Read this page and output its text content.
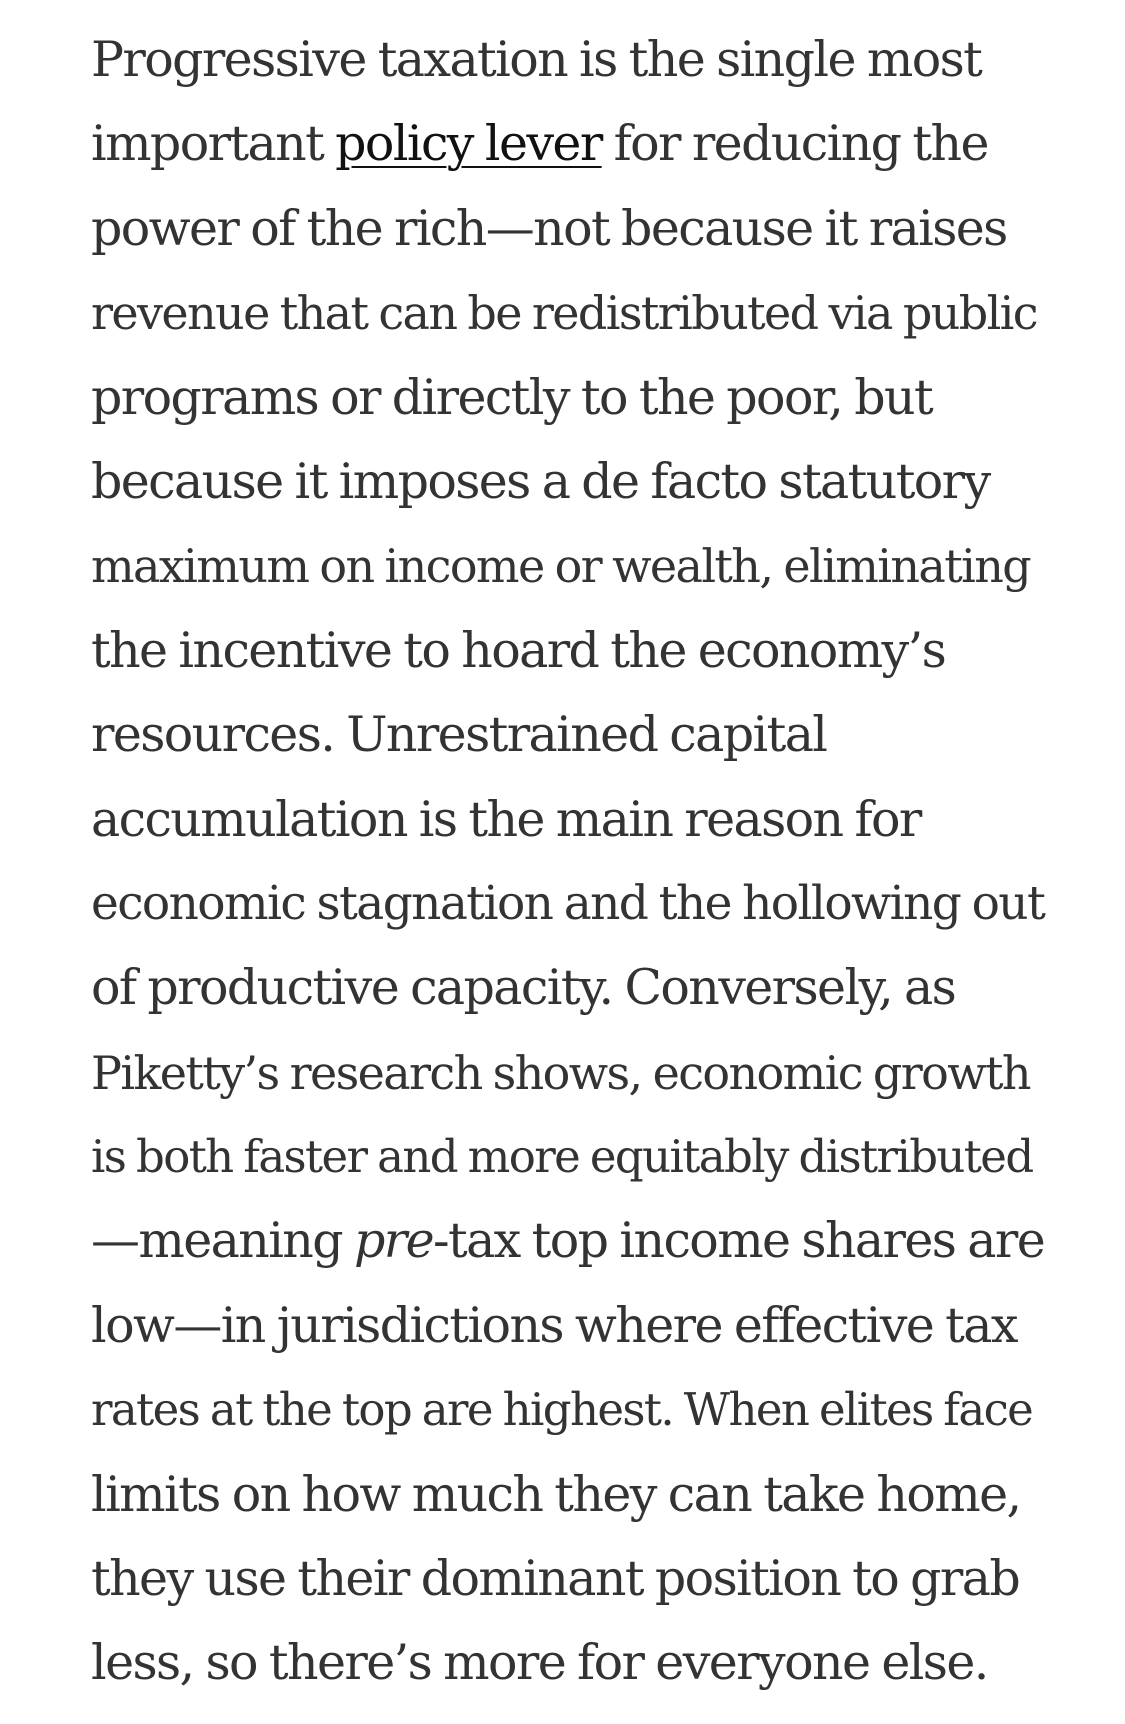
Progressive taxation is the single most
important policy lever for reducing the
power of the rich—not because it raises
revenue that can be redistributed via public
programs or directly to the poor, but
because it imposes a de facto statutory
maximum on income or wealth, eliminating
the incentive to hoard the economy’s
resources. Unrestrained capital
accumulation is the main reason for
economic stagnation and the hollowing out
of productive capacity. Conversely, as
Piketty’s research shows, economic growth
is both faster and more equitably distributed
—meaning pre-tax top income shares are
low—in jurisdictions where effective tax
rates at the top are highest. When elites face
limits on how much they can take home,
they use their dominant position to grab
less, so there’s more for everyone else.
